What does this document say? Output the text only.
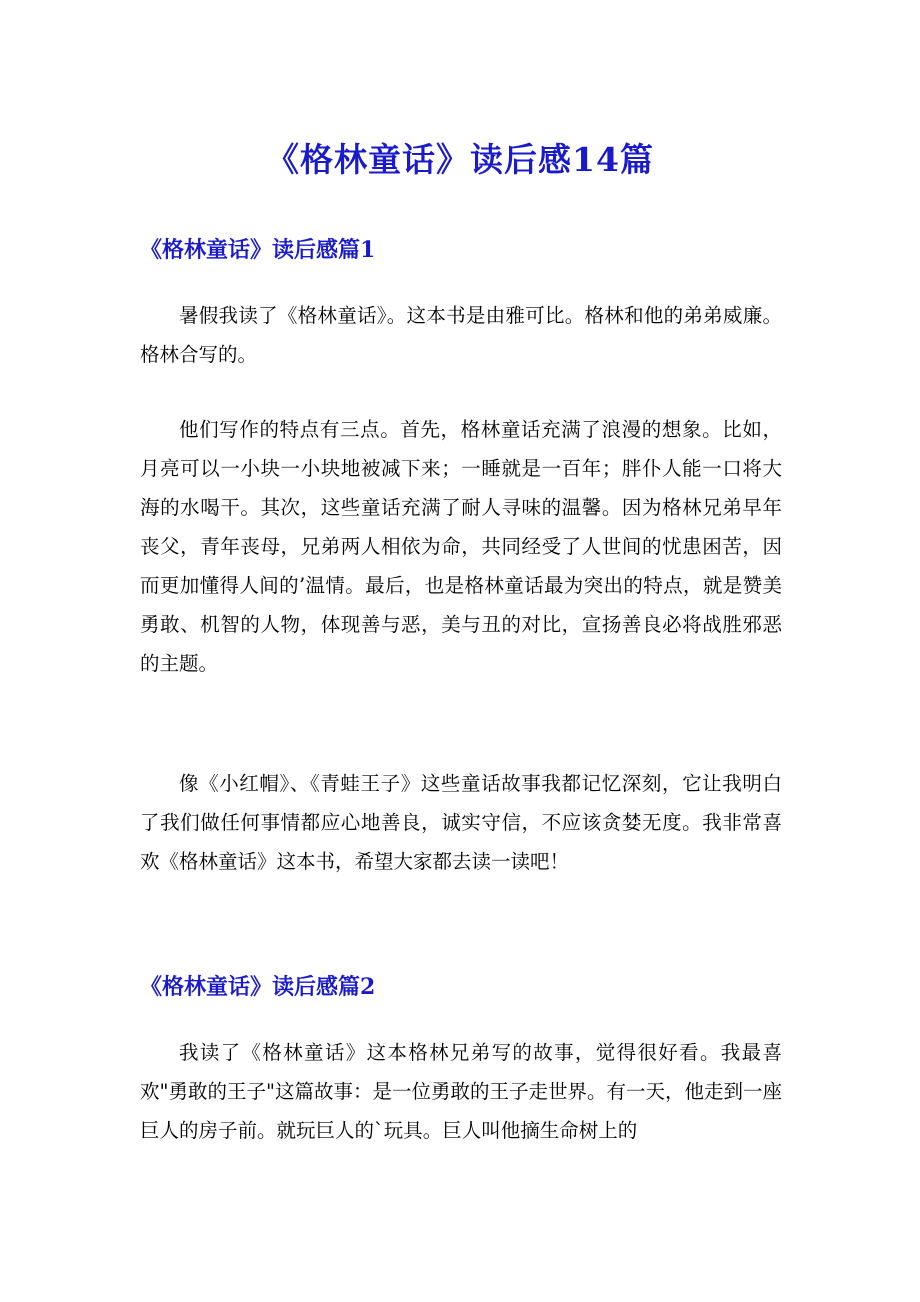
《格林童话》读后感14篇
《格林童话》读后感篇1

暑假我读了《格林童话》。这本书是由雅可比。格林和他的弟弟威廉。格林合写的。

他们写作的特点有三点。首先，格林童话充满了浪漫的想象。比如，月亮可以一小块一小块地被减下来；一睡就是一百年；胖仆人能一口将大海的水喝干。其次，这些童话充满了耐人寻味的温馨。因为格林兄弟早年丧父，青年丧母，兄弟两人相依为命，共同经受了人世间的忧患困苦，因而更加懂得人间的’温情。最后，也是格林童话最为突出的特点，就是赞美勇敢、机智的人物，体现善与恶，美与丑的对比，宣扬善良必将战胜邪恶的主题。

像《小红帽》、《青蛙王子》这些童话故事我都记忆深刻，它让我明白了我们做任何事情都应心地善良，诚实守信，不应该贪婪无度。我非常喜欢《格林童话》这本书，希望大家都去读一读吧！

《格林童话》读后感篇2

我读了《格林童话》这本格林兄弟写的故事，觉得很好看。我最喜欢"勇敢的王子"这篇故事：是一位勇敢的王子走世界。有一天，他走到一座巨人的房子前。就玩巨人的`玩具。巨人叫他摘生命树上的
